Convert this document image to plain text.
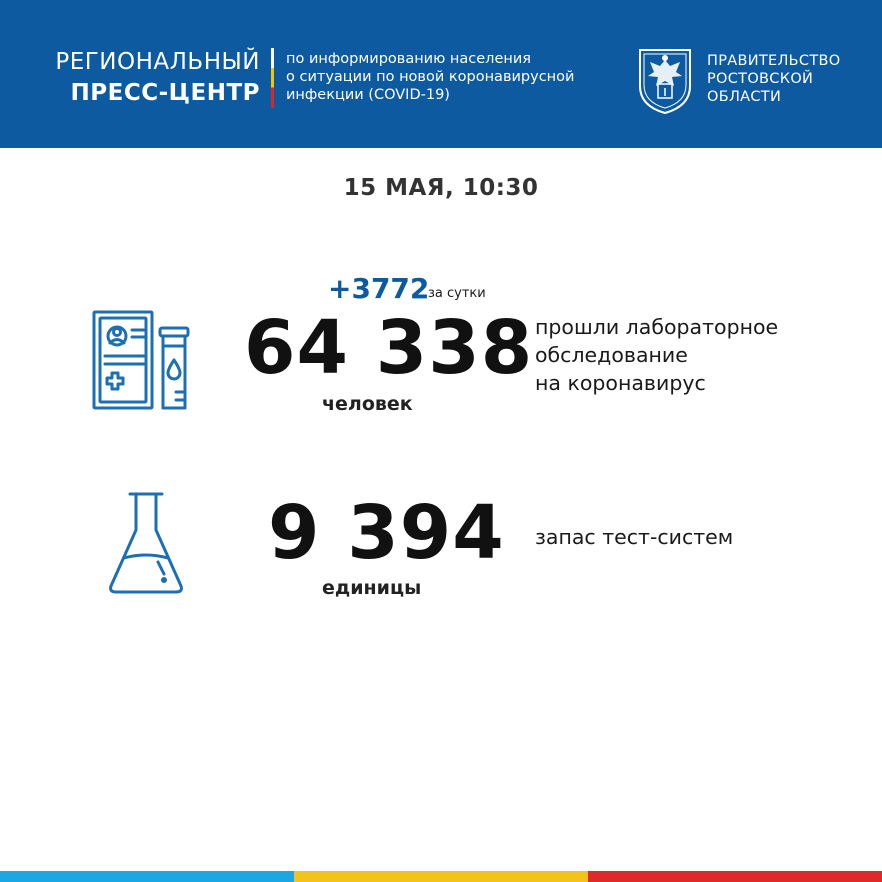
РЕГИОНАЛЬНЫЙ
ПРЕСС-ЦЕНТР
по информированию населения
о ситуации по новой коронавирусной
инфекции (COVID-19)
ПРАВИТЕЛЬСТВО
РОСТОВСКОЙ
ОБЛАСТИ
15 МАЯ, 10:30
+3772
за сутки
64 338
человек
прошли лабораторное
обследование
на коронавирус
9 394
единицы
запас тест-систем
